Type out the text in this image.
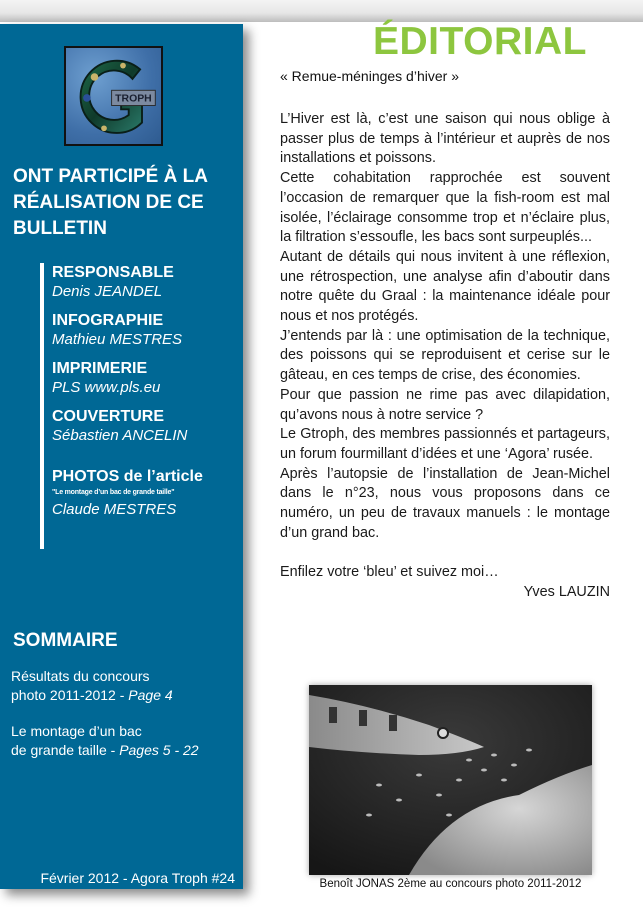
TROPH
ONT PARTICIPÉ À LA RÉALISATION DE CE BULLETIN
RESPONSABLE
Denis JEANDEL
INFOGRAPHIE
Mathieu MESTRES
IMPRIMERIE
PLS www.pls.eu
COUVERTURE
Sébastien ANCELIN
PHOTOS de l’article
"Le montage d’un bac de grande taille"
Claude MESTRES
SOMMAIRE
Résultats du concours
photo 2011-2012 - Page 4
Le montage d’un bac
de grande taille - Pages 5 - 22
Février 2012 - Agora Troph #24
ÉDITORIAL
« Remue-méninges d’hiver »

L’Hiver est là, c’est une saison qui nous oblige à passer plus de temps à l’intérieur et auprès de nos installations et poissons.

Cette cohabitation rapprochée est souvent l’occasion de remarquer que la fish-room est mal isolée, l’éclairage consomme trop et n’éclaire plus, la filtration s’essoufle, les bacs sont surpeuplés...

Autant de détails qui nous invitent à une réflexion, une rétrospection, une analyse afin d’aboutir dans notre quête du Graal : la maintenance idéale pour nous et nos protégés.

J’entends par là : une optimisation de la technique, des poissons qui se reproduisent et cerise sur le gâteau, en ces temps de crise, des économies.

Pour que passion ne rime pas avec dilapidation, qu’avons nous à notre service ?

Le Gtroph, des membres passionnés et partageurs, un forum fourmillant d’idées et une ‘Agora’ rusée.

Après l’autopsie de l’installation de Jean-Michel dans le n°23, nous vous proposons dans ce numéro, un peu de travaux manuels : le montage d’un grand bac.

Enfilez votre ‘bleu’ et suivez moi…

Yves LAUZIN

Benoît JONAS 2ème au concours photo 2011-2012
